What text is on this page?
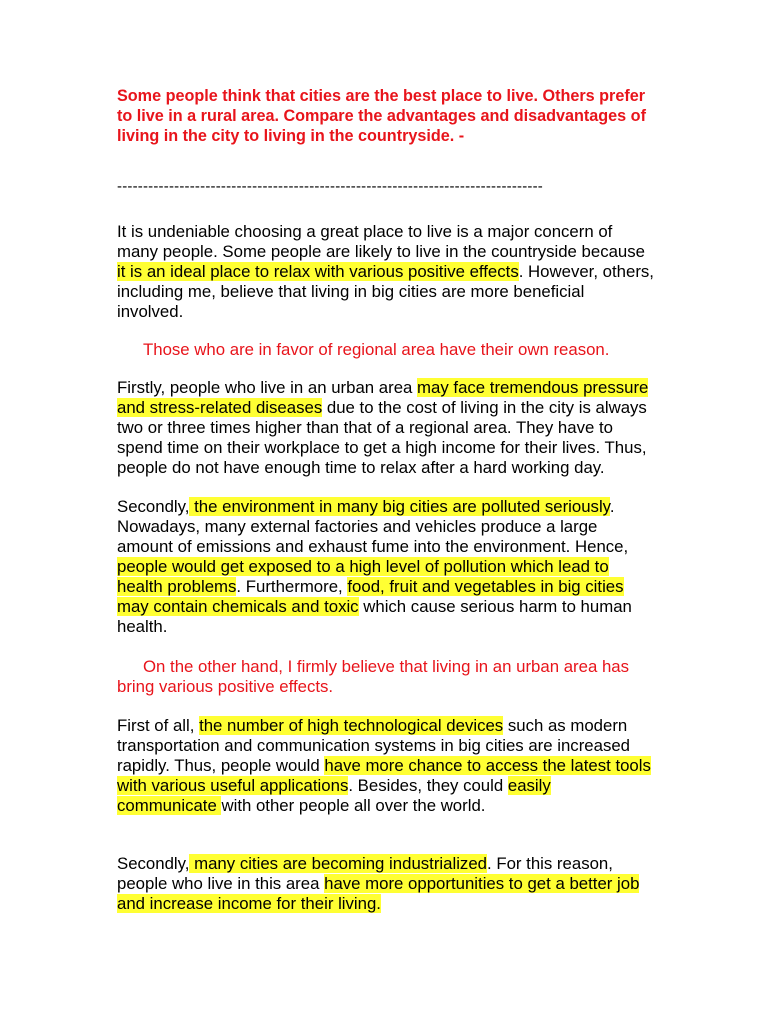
Some people think that cities are the best place to live. Others prefer to live in a rural area. Compare the advantages and disadvantages of living in the city to living in the countryside. -

----------------------------------------------------------------------------------

It is undeniable choosing a great place to live is a major concern of many people. Some people are likely to live in the countryside because it is an ideal place to relax with various positive effects. However, others, including me, believe that living in big cities are more beneficial involved.

Those who are in favor of regional area have their own reason.

Firstly, people who live in an urban area may face tremendous pressure and stress-related diseases due to the cost of living in the city is always two or three times higher than that of a regional area. They have to spend time on their workplace to get a high income for their lives. Thus, people do not have enough time to relax after a hard working day.

Secondly, the environment in many big cities are polluted seriously. Nowadays, many external factories and vehicles produce a large amount of emissions and exhaust fume into the environment. Hence, people would get exposed to a high level of pollution which lead to health problems. Furthermore, food, fruit and vegetables in big cities may contain chemicals and toxic which cause serious harm to human health.

On the other hand, I firmly believe that living in an urban area has bring various positive effects.

First of all, the number of high technological devices such as modern transportation and communication systems in big cities are increased rapidly. Thus, people would have more chance to access the latest tools with various useful applications. Besides, they could easily communicate with other people all over the world.

Secondly, many cities are becoming industrialized. For this reason, people who live in this area have more opportunities to get a better job and increase income for their living.
